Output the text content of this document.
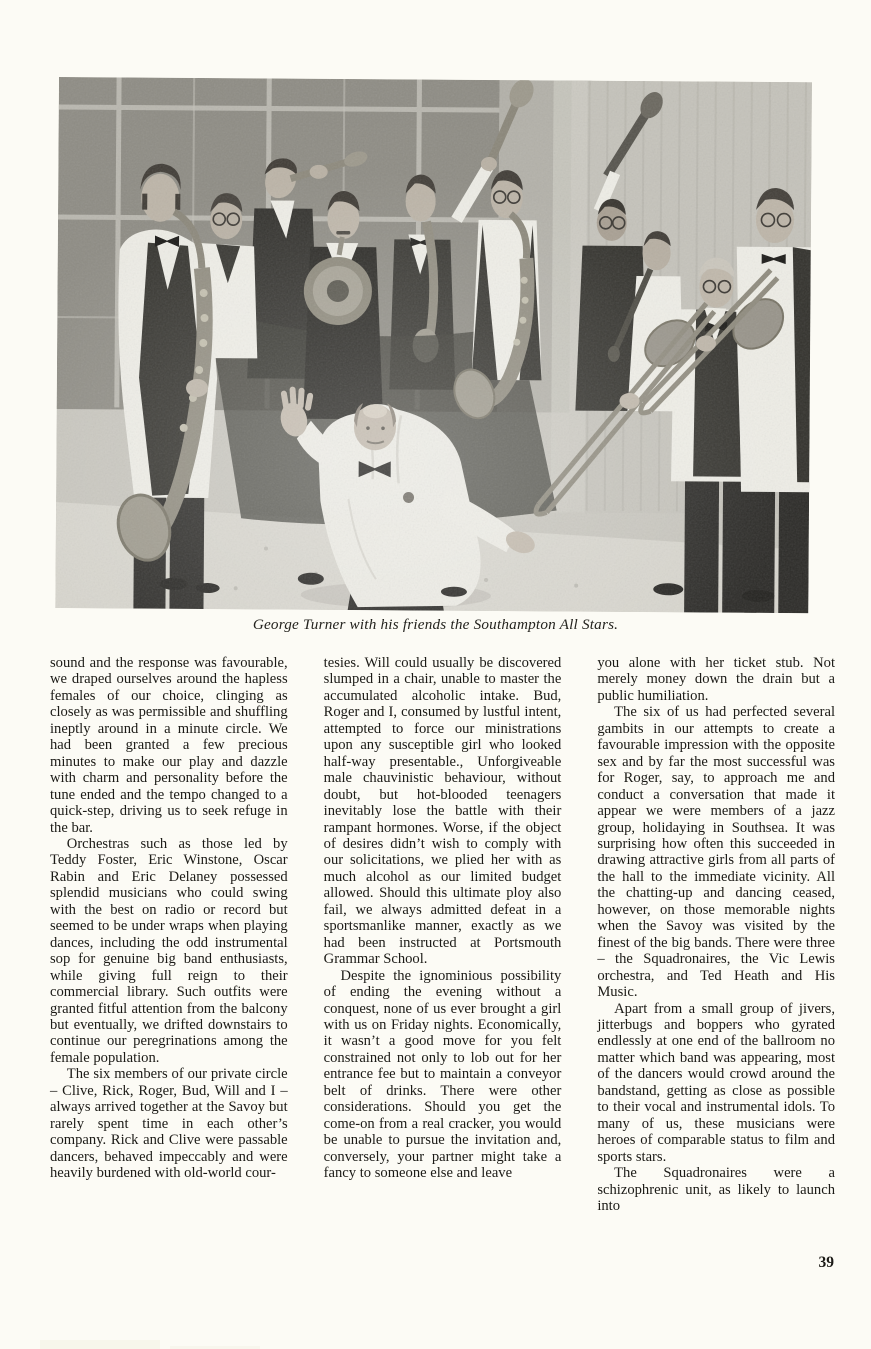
George Turner with his friends the Southampton All Stars.

sound and the response was favourable, we draped ourselves around the hapless females of our choice, clinging as closely as was permissible and shuffling ineptly around in a minute circle. We had been granted a few precious minutes to make our play and dazzle with charm and personality before the tune ended and the tempo changed to a quick-step, driving us to seek refuge in the bar.

Orchestras such as those led by Teddy Foster, Eric Winstone, Oscar Rabin and Eric Delaney possessed splendid musicians who could swing with the best on radio or record but seemed to be under wraps when playing dances, including the odd instrumental sop for genuine big band enthusiasts, while giving full reign to their commercial library. Such outfits were granted fitful attention from the balcony but eventually, we drifted downstairs to continue our peregrinations among the female population.

The six members of our private circle – Clive, Rick, Roger, Bud, Will and I – always arrived together at the Savoy but rarely spent time in each other’s company. Rick and Clive were passable dancers, behaved impeccably and were heavily burdened with old-world cour-

tesies. Will could usually be discovered slumped in a chair, unable to master the accumulated alcoholic intake. Bud, Roger and I, consumed by lustful intent, attempted to force our ministrations upon any susceptible girl who looked half-way presentable., Unforgiveable male chauvinistic behaviour, without doubt, but hot-blooded teenagers inevitably lose the battle with their rampant hormones. Worse, if the object of desires didn’t wish to comply with our solicitations, we plied her with as much alcohol as our limited budget allowed. Should this ultimate ploy also fail, we always admitted defeat in a sportsmanlike manner, exactly as we had been instructed at Portsmouth Grammar School.

Despite the ignominious possibility of ending the evening without a conquest, none of us ever brought a girl with us on Friday nights. Economically, it wasn’t a good move for you felt constrained not only to lob out for her entrance fee but to maintain a conveyor belt of drinks. There were other considerations. Should you get the come-on from a real cracker, you would be unable to pursue the invitation and, conversely, your partner might take a fancy to someone else and leave

you alone with her ticket stub. Not merely money down the drain but a public humiliation.

The six of us had perfected several gambits in our attempts to create a favourable impression with the opposite sex and by far the most successful was for Roger, say, to approach me and conduct a conversation that made it appear we were members of a jazz group, holidaying in Southsea. It was surprising how often this succeeded in drawing attractive girls from all parts of the hall to the immediate vicinity. All the chatting-up and dancing ceased, however, on those memorable nights when the Savoy was visited by the finest of the big bands. There were three – the Squadronaires, the Vic Lewis orchestra, and Ted Heath and His Music.

Apart from a small group of jivers, jitterbugs and boppers who gyrated endlessly at one end of the ballroom no matter which band was appearing, most of the dancers would crowd around the bandstand, getting as close as possible to their vocal and instrumental idols. To many of us, these musicians were heroes of comparable status to film and sports stars.

The Squadronaires were a schizophrenic unit, as likely to launch into

39
